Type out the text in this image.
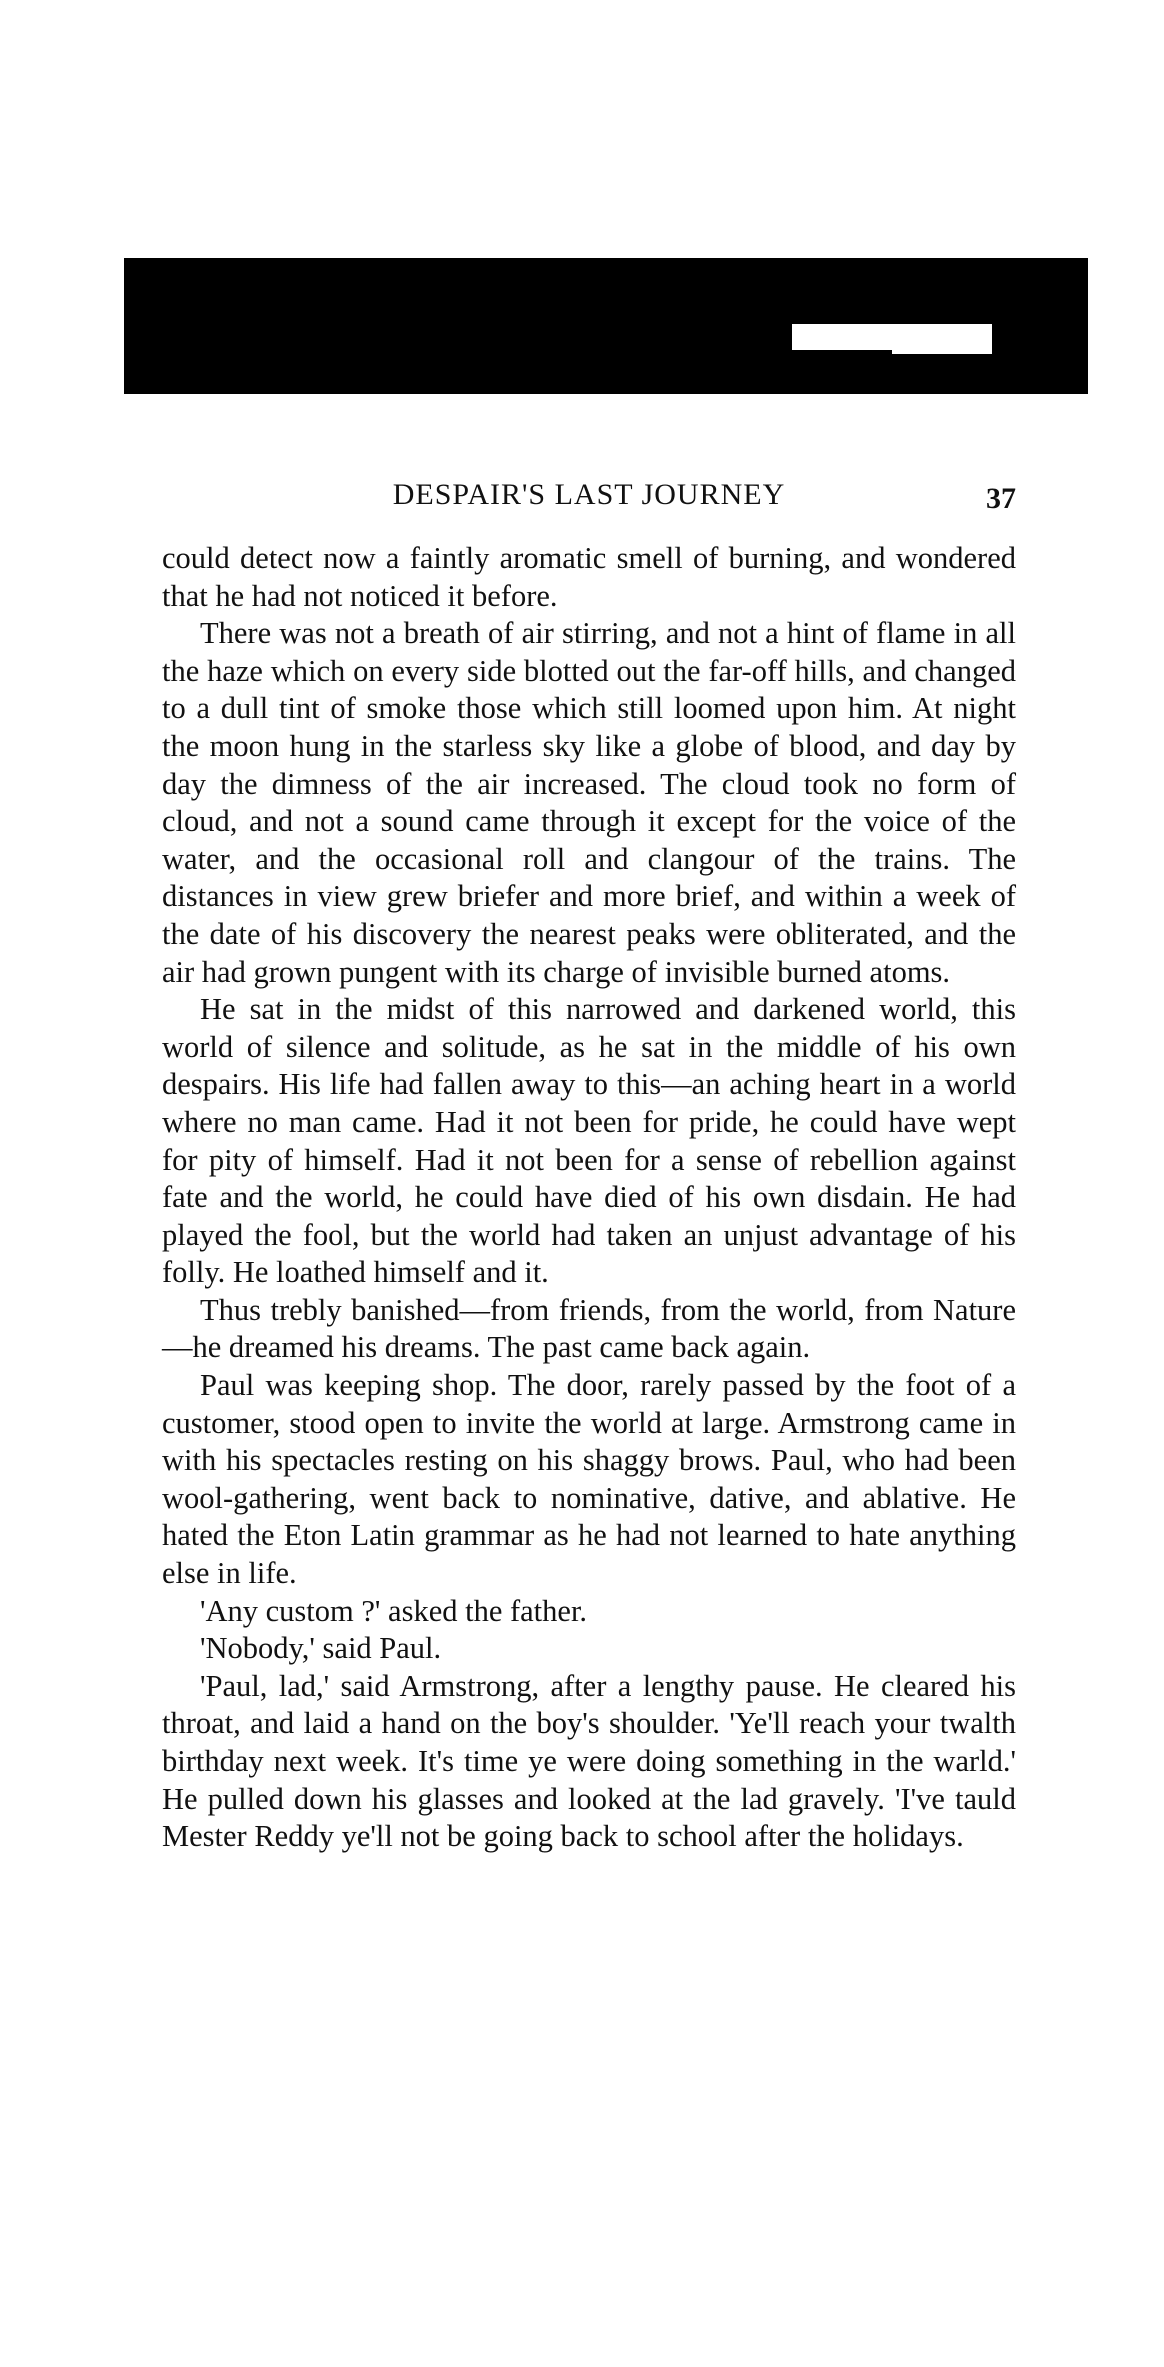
DESPAIR'S LAST JOURNEY	37

could detect now a faintly aromatic smell of burning, and wondered that he had not noticed it before.

There was not a breath of air stirring, and not a hint of flame in all the haze which on every side blotted out the far-off hills, and changed to a dull tint of smoke those which still loomed upon him. At night the moon hung in the starless sky like a globe of blood, and day by day the dimness of the air increased. The cloud took no form of cloud, and not a sound came through it except for the voice of the water, and the occasional roll and clangour of the trains. The distances in view grew briefer and more brief, and within a week of the date of his discovery the nearest peaks were obliterated, and the air had grown pungent with its charge of invisible burned atoms.

He sat in the midst of this narrowed and darkened world, this world of silence and solitude, as he sat in the middle of his own despairs. His life had fallen away to this—an aching heart in a world where no man came. Had it not been for pride, he could have wept for pity of himself. Had it not been for a sense of rebellion against fate and the world, he could have died of his own disdain. He had played the fool, but the world had taken an unjust advantage of his folly. He loathed himself and it.

Thus trebly banished—from friends, from the world, from Nature—he dreamed his dreams. The past came back again.

Paul was keeping shop. The door, rarely passed by the foot of a customer, stood open to invite the world at large. Armstrong came in with his spectacles resting on his shaggy brows. Paul, who had been wool-gathering, went back to nominative, dative, and ablative. He hated the Eton Latin grammar as he had not learned to hate anything else in life.

'Any custom ?' asked the father.

'Nobody,' said Paul.

'Paul, lad,' said Armstrong, after a lengthy pause. He cleared his throat, and laid a hand on the boy's shoulder. 'Ye'll reach your twalth birthday next week. It's time ye were doing something in the warld.' He pulled down his glasses and looked at the lad gravely. 'I've tauld Mester Reddy ye'll not be going back to school after the holidays.
